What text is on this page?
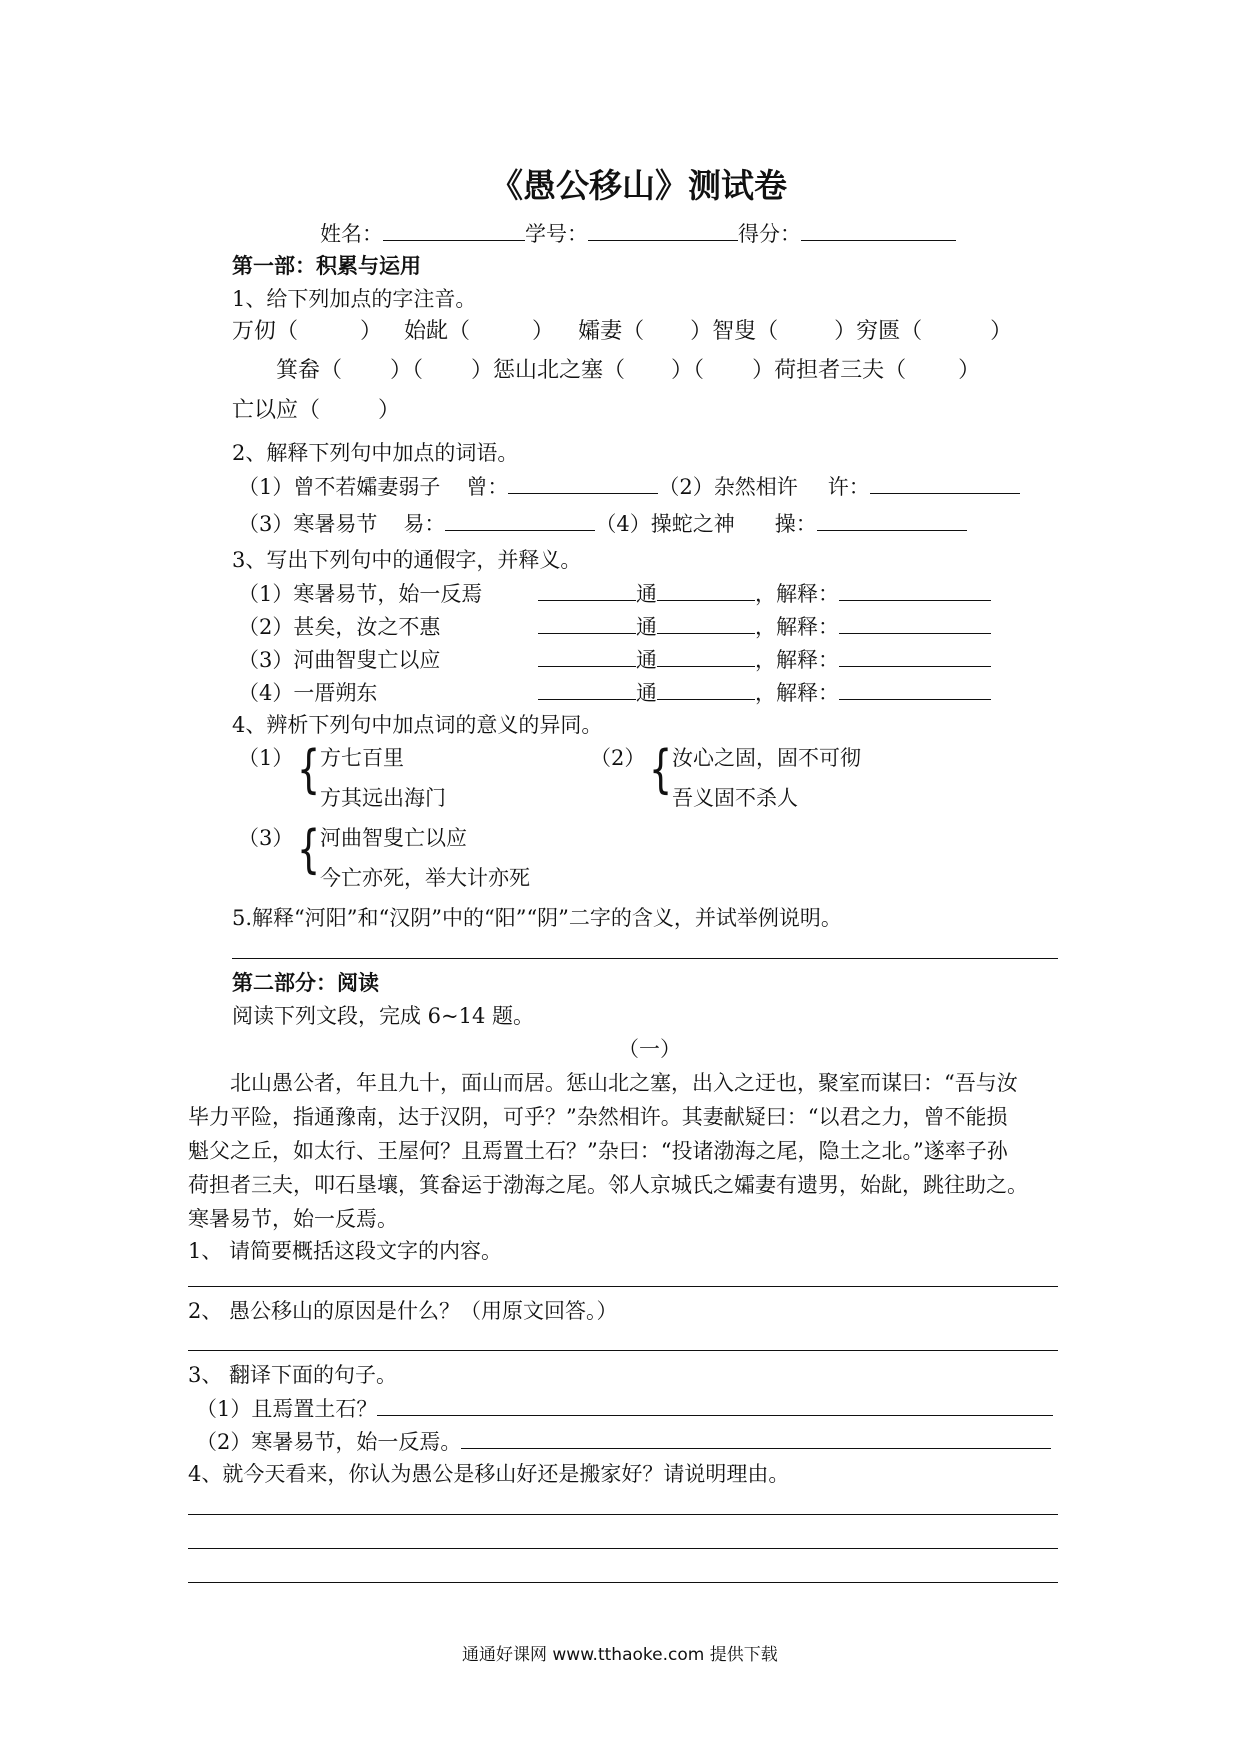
《愚公移山》测试卷
姓名：	学号：	得分：
第一部：积累与运用
1、给下列加点的字注音。
万仞（	） 始龀（	） 孀妻（ ）智叟（	）穷匮（	）
箕畚（ ）（ ）惩山北之塞（ ）（ ）荷担者三夫（ ）
亡以应（	）
2、解释下列句中加点的词语。
（1）曾不若孀妻弱子 曾：	（2）杂然相许 许：
（3）寒暑易节 易：	（4）操蛇之神 操：
3、写出下列句中的通假字，并释义。
（1）寒暑易节，始一反焉	通	，解释：
（2）甚矣，汝之不惠	通	，解释：
（3）河曲智叟亡以应	通	，解释：
（4）一厝朔东	通	，解释：
4、辨析下列句中加点词的意义的异同。
（1） { 方七百里
方其远出海门
（2） { 汝心之固，固不可彻
吾义固不杀人
（3） { 河曲智叟亡以应
今亡亦死，举大计亦死
5.解释“河阳”和“汉阴”中的“阳”“阴”二字的含义，并试举例说明。
第二部分：阅读
阅读下列文段，完成 6~14 题。
（一）
北山愚公者，年且九十，面山而居。惩山北之塞，出入之迂也，聚室而谋曰：“吾与汝
毕力平险，指通豫南，达于汉阴，可乎？”杂然相许。其妻献疑曰：“以君之力，曾不能损
魁父之丘，如太行、王屋何？且焉置土石？”杂曰：“投诸渤海之尾，隐土之北。”遂率子孙
荷担者三夫，叩石垦壤，箕畚运于渤海之尾。邻人京城氏之孀妻有遗男，始龀，跳往助之。
寒暑易节，始一反焉。
1、 请简要概括这段文字的内容。
2、 愚公移山的原因是什么？（用原文回答。）
3、 翻译下面的句子。
（1）且焉置土石？
（2）寒暑易节，始一反焉。
4、就今天看来，你认为愚公是移山好还是搬家好？请说明理由。
通通好课网 www.tthaoke.com 提供下载
